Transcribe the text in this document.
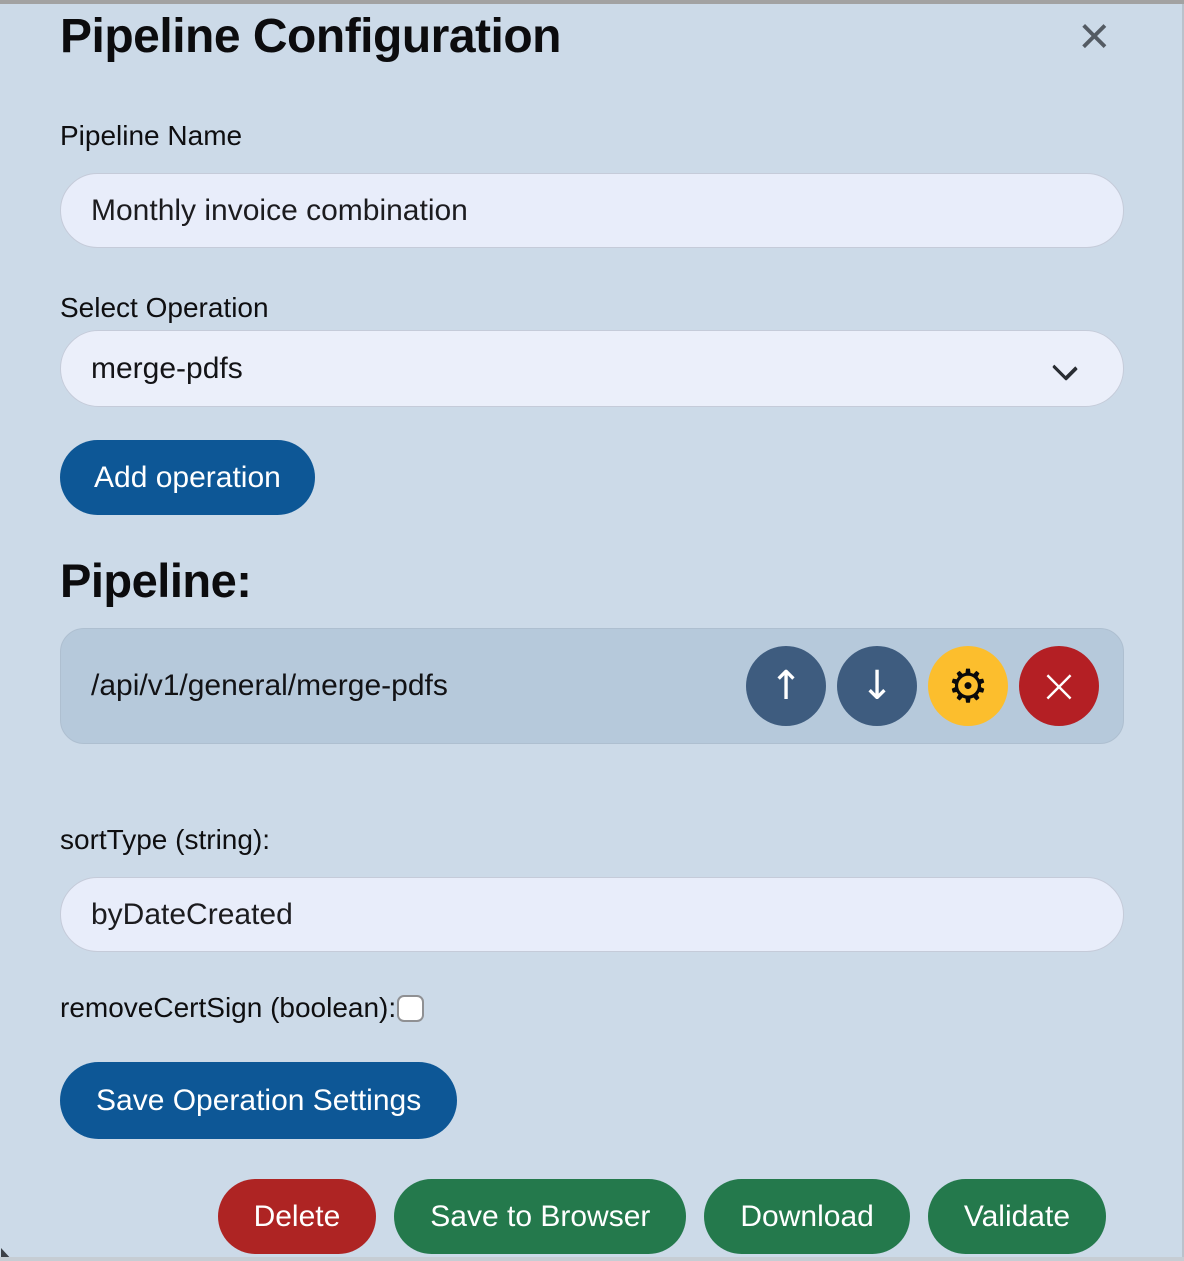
Pipeline Configuration	×
Pipeline Name
Monthly invoice combination
Select Operation
merge-pdfs
Add operation
Pipeline:
/api/v1/general/merge-pdfs	↑ ↓ ⚙ ×
sortType (string):
byDateCreated
removeCertSign (boolean):
Save Operation Settings
Delete	Save to Browser	Download	Validate
